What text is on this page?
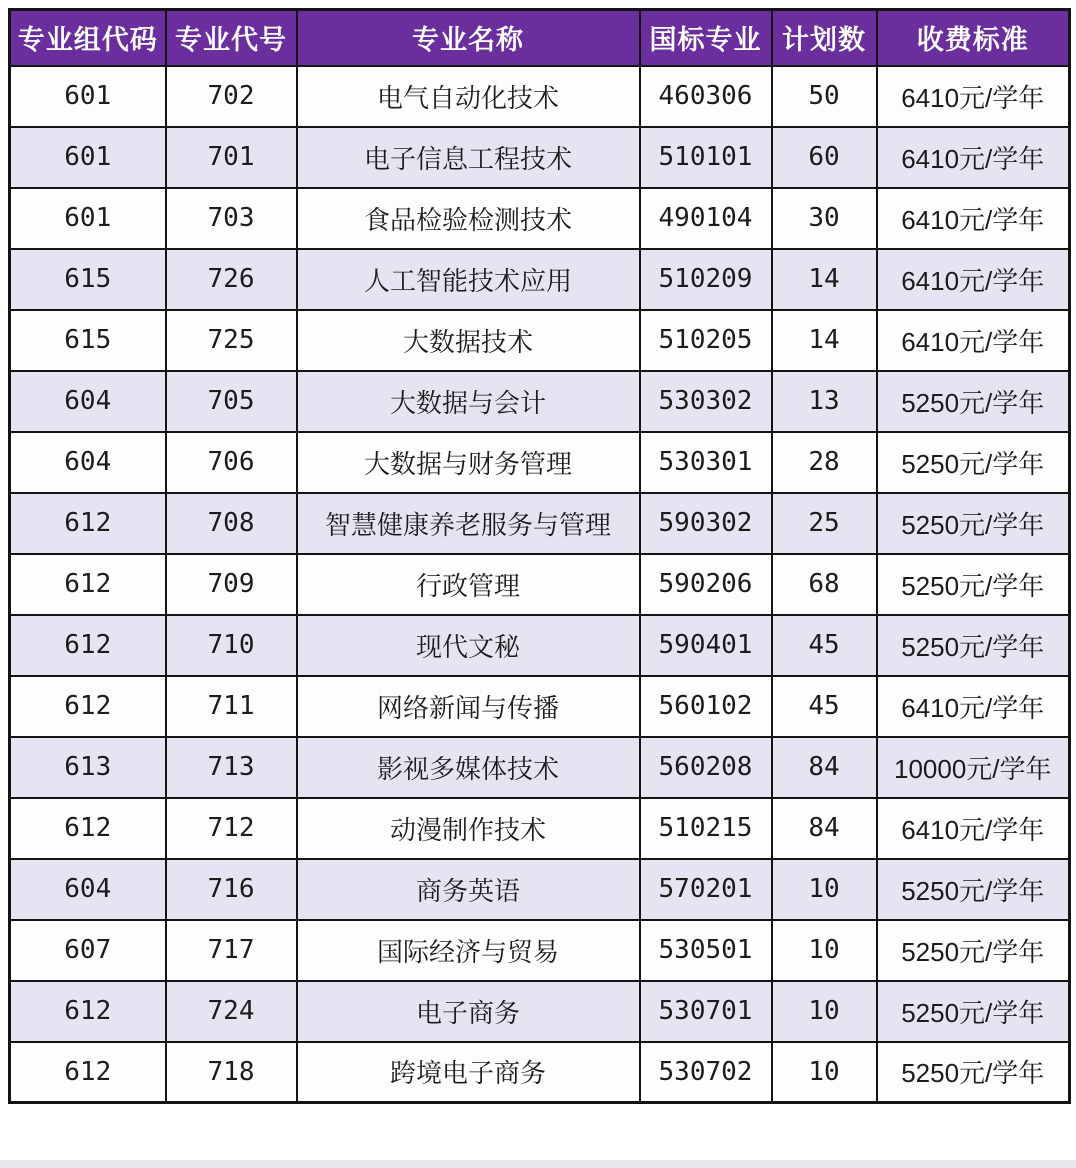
专业组代码	专业代号	专业名称	国标专业	计划数	收费标准
601	702	电气自动化技术	460306	50	6410元/学年
601	701	电子信息工程技术	510101	60	6410元/学年
601	703	食品检验检测技术	490104	30	6410元/学年
615	726	人工智能技术应用	510209	14	6410元/学年
615	725	大数据技术	510205	14	6410元/学年
604	705	大数据与会计	530302	13	5250元/学年
604	706	大数据与财务管理	530301	28	5250元/学年
612	708	智慧健康养老服务与管理	590302	25	5250元/学年
612	709	行政管理	590206	68	5250元/学年
612	710	现代文秘	590401	45	5250元/学年
612	711	网络新闻与传播	560102	45	6410元/学年
613	713	影视多媒体技术	560208	84	10000元/学年
612	712	动漫制作技术	510215	84	6410元/学年
604	716	商务英语	570201	10	5250元/学年
607	717	国际经济与贸易	530501	10	5250元/学年
612	724	电子商务	530701	10	5250元/学年
612	718	跨境电子商务	530702	10	5250元/学年
